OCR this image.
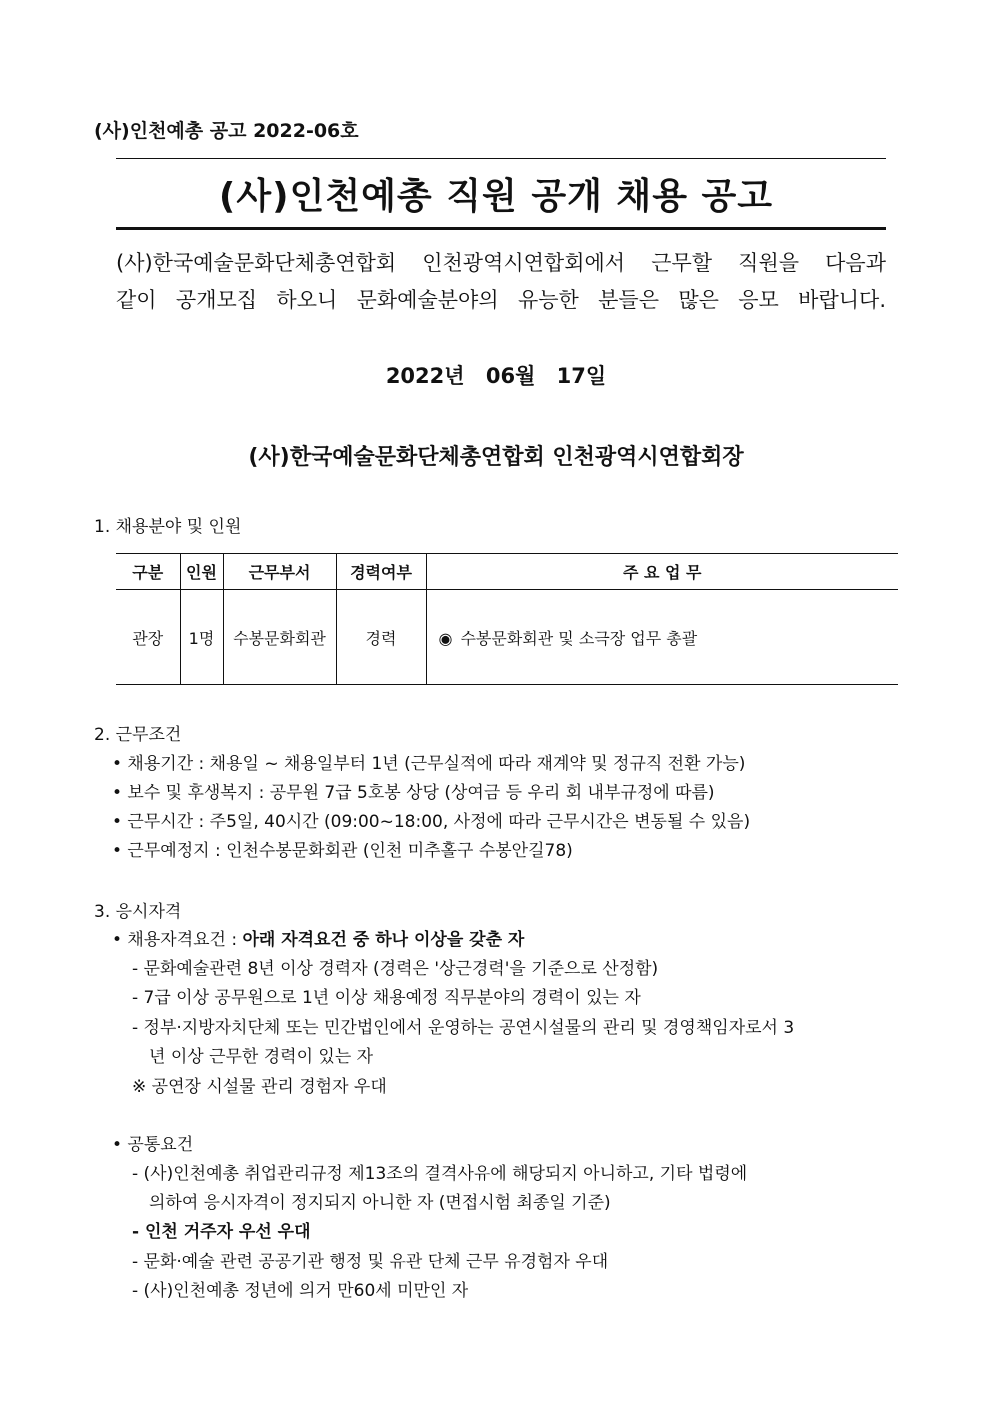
(사)인천예총 공고 2022-06호
(사)인천예총 직원 공개 채용 공고
(사)한국예술문화단체총연합회 인천광역시연합회에서 근무할 직원을 다음과
같이 공개모집 하오니 문화예술분야의 유능한 분들은 많은 응모 바랍니다.
2022년 06월 17일
(사)한국예술문화단체총연합회 인천광역시연합회장
1. 채용분야 및 인원
구분	인원	근무부서	경력여부	주 요 업 무
관장	1명	수봉문화회관	경력	◉ 수봉문화회관 및 소극장 업무 총괄
2. 근무조건
• 채용기간 : 채용일 ~ 채용일부터 1년 (근무실적에 따라 재계약 및 정규직 전환 가능)
• 보수 및 후생복지 : 공무원 7급 5호봉 상당 (상여금 등 우리 회 내부규정에 따름)
• 근무시간 : 주5일, 40시간 (09:00~18:00, 사정에 따라 근무시간은 변동될 수 있음)
• 근무예정지 : 인천수봉문화회관 (인천 미추홀구 수봉안길78)
3. 응시자격
• 채용자격요건 : 아래 자격요건 중 하나 이상을 갖춘 자
- 문화예술관련 8년 이상 경력자 (경력은 '상근경력'을 기준으로 산정함)
- 7급 이상 공무원으로 1년 이상 채용예정 직무분야의 경력이 있는 자
- 정부·지방자치단체 또는 민간법인에서 운영하는 공연시설물의 관리 및 경영책임자로서 3
년 이상 근무한 경력이 있는 자
※ 공연장 시설물 관리 경험자 우대
• 공통요건
- (사)인천예총 취업관리규정 제13조의 결격사유에 해당되지 아니하고, 기타 법령에
의하여 응시자격이 정지되지 아니한 자 (면접시험 최종일 기준)
- 인천 거주자 우선 우대
- 문화·예술 관련 공공기관 행정 및 유관 단체 근무 유경험자 우대
- (사)인천예총 정년에 의거 만60세 미만인 자
